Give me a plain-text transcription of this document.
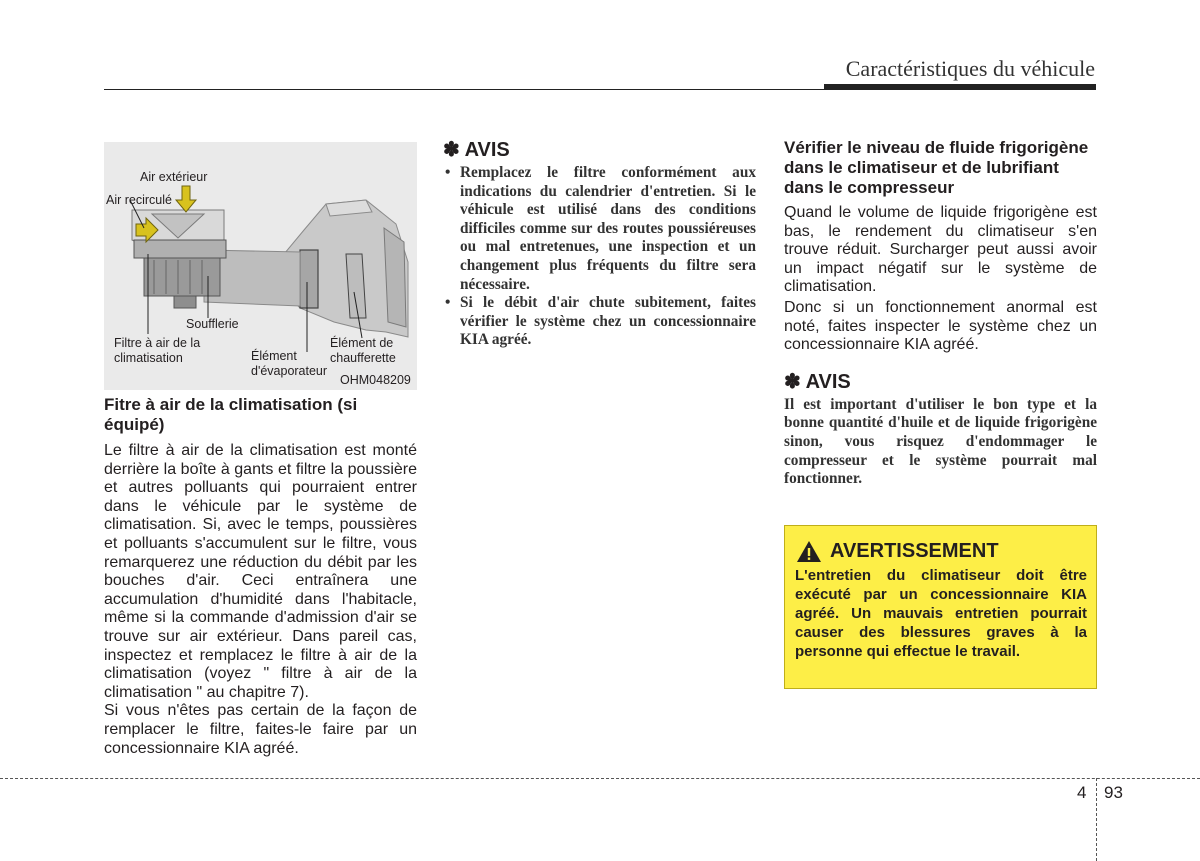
Caractéristiques du véhicule
Air extérieur
Air recirculé
Soufflerie
Filtre à air de la climatisation	Élément d'évaporateur
Élément de chaufferette
OHM048209
Fitre à air de la climatisation (si équipé)

Le filtre à air de la climatisation est monté derrière la boîte à gants et filtre la poussière et autres polluants qui pourraient entrer dans le véhicule par le système de climatisation. Si, avec le temps, poussières et polluants s'accumulent sur le filtre, vous remarquerez une réduction du débit par les bouches d'air. Ceci entraînera une accumulation d'humidité dans l'habitacle, même si la commande d'admission d'air se trouve sur air extérieur. Dans pareil cas, inspectez et remplacez le filtre à air de la climatisation (voyez " filtre à air de la climatisation " au chapitre 7).

Si vous n'êtes pas certain de la façon de remplacer le filtre, faites-le faire par un concessionnaire KIA agréé.

✽ AVIS
• Remplacez le filtre conformément aux indications du calendrier d'entretien. Si le véhicule est utilisé dans des conditions difficiles comme sur des routes poussiéreuses ou mal entretenues, une inspection et un changement plus fréquents du filtre sera nécessaire.
• Si le débit d'air chute subitement, faites vérifier le système chez un concessionnaire KIA agréé.
Vérifier le niveau de fluide frigorigène dans le climatiseur et de lubrifiant dans le compresseur

Quand le volume de liquide frigorigène est bas, le rendement du climatiseur s'en trouve réduit. Surcharger peut aussi avoir un impact négatif sur le système de climatisation.

Donc si un fonctionnement anormal est noté, faites inspecter le système chez un concessionnaire KIA agréé.

✽ AVIS

Il est important d'utiliser le bon type et la bonne quantité d'huile et de liquide frigorigène sinon, vous risquez d'endommager le compresseur et le système pourrait mal fonctionner.

AVERTISSEMENT

L'entretien du climatiseur doit être exécuté par un concessionnaire KIA agréé. Un mauvais entretien pourrait causer des blessures graves à la personne qui effectue le travail.

4 93
